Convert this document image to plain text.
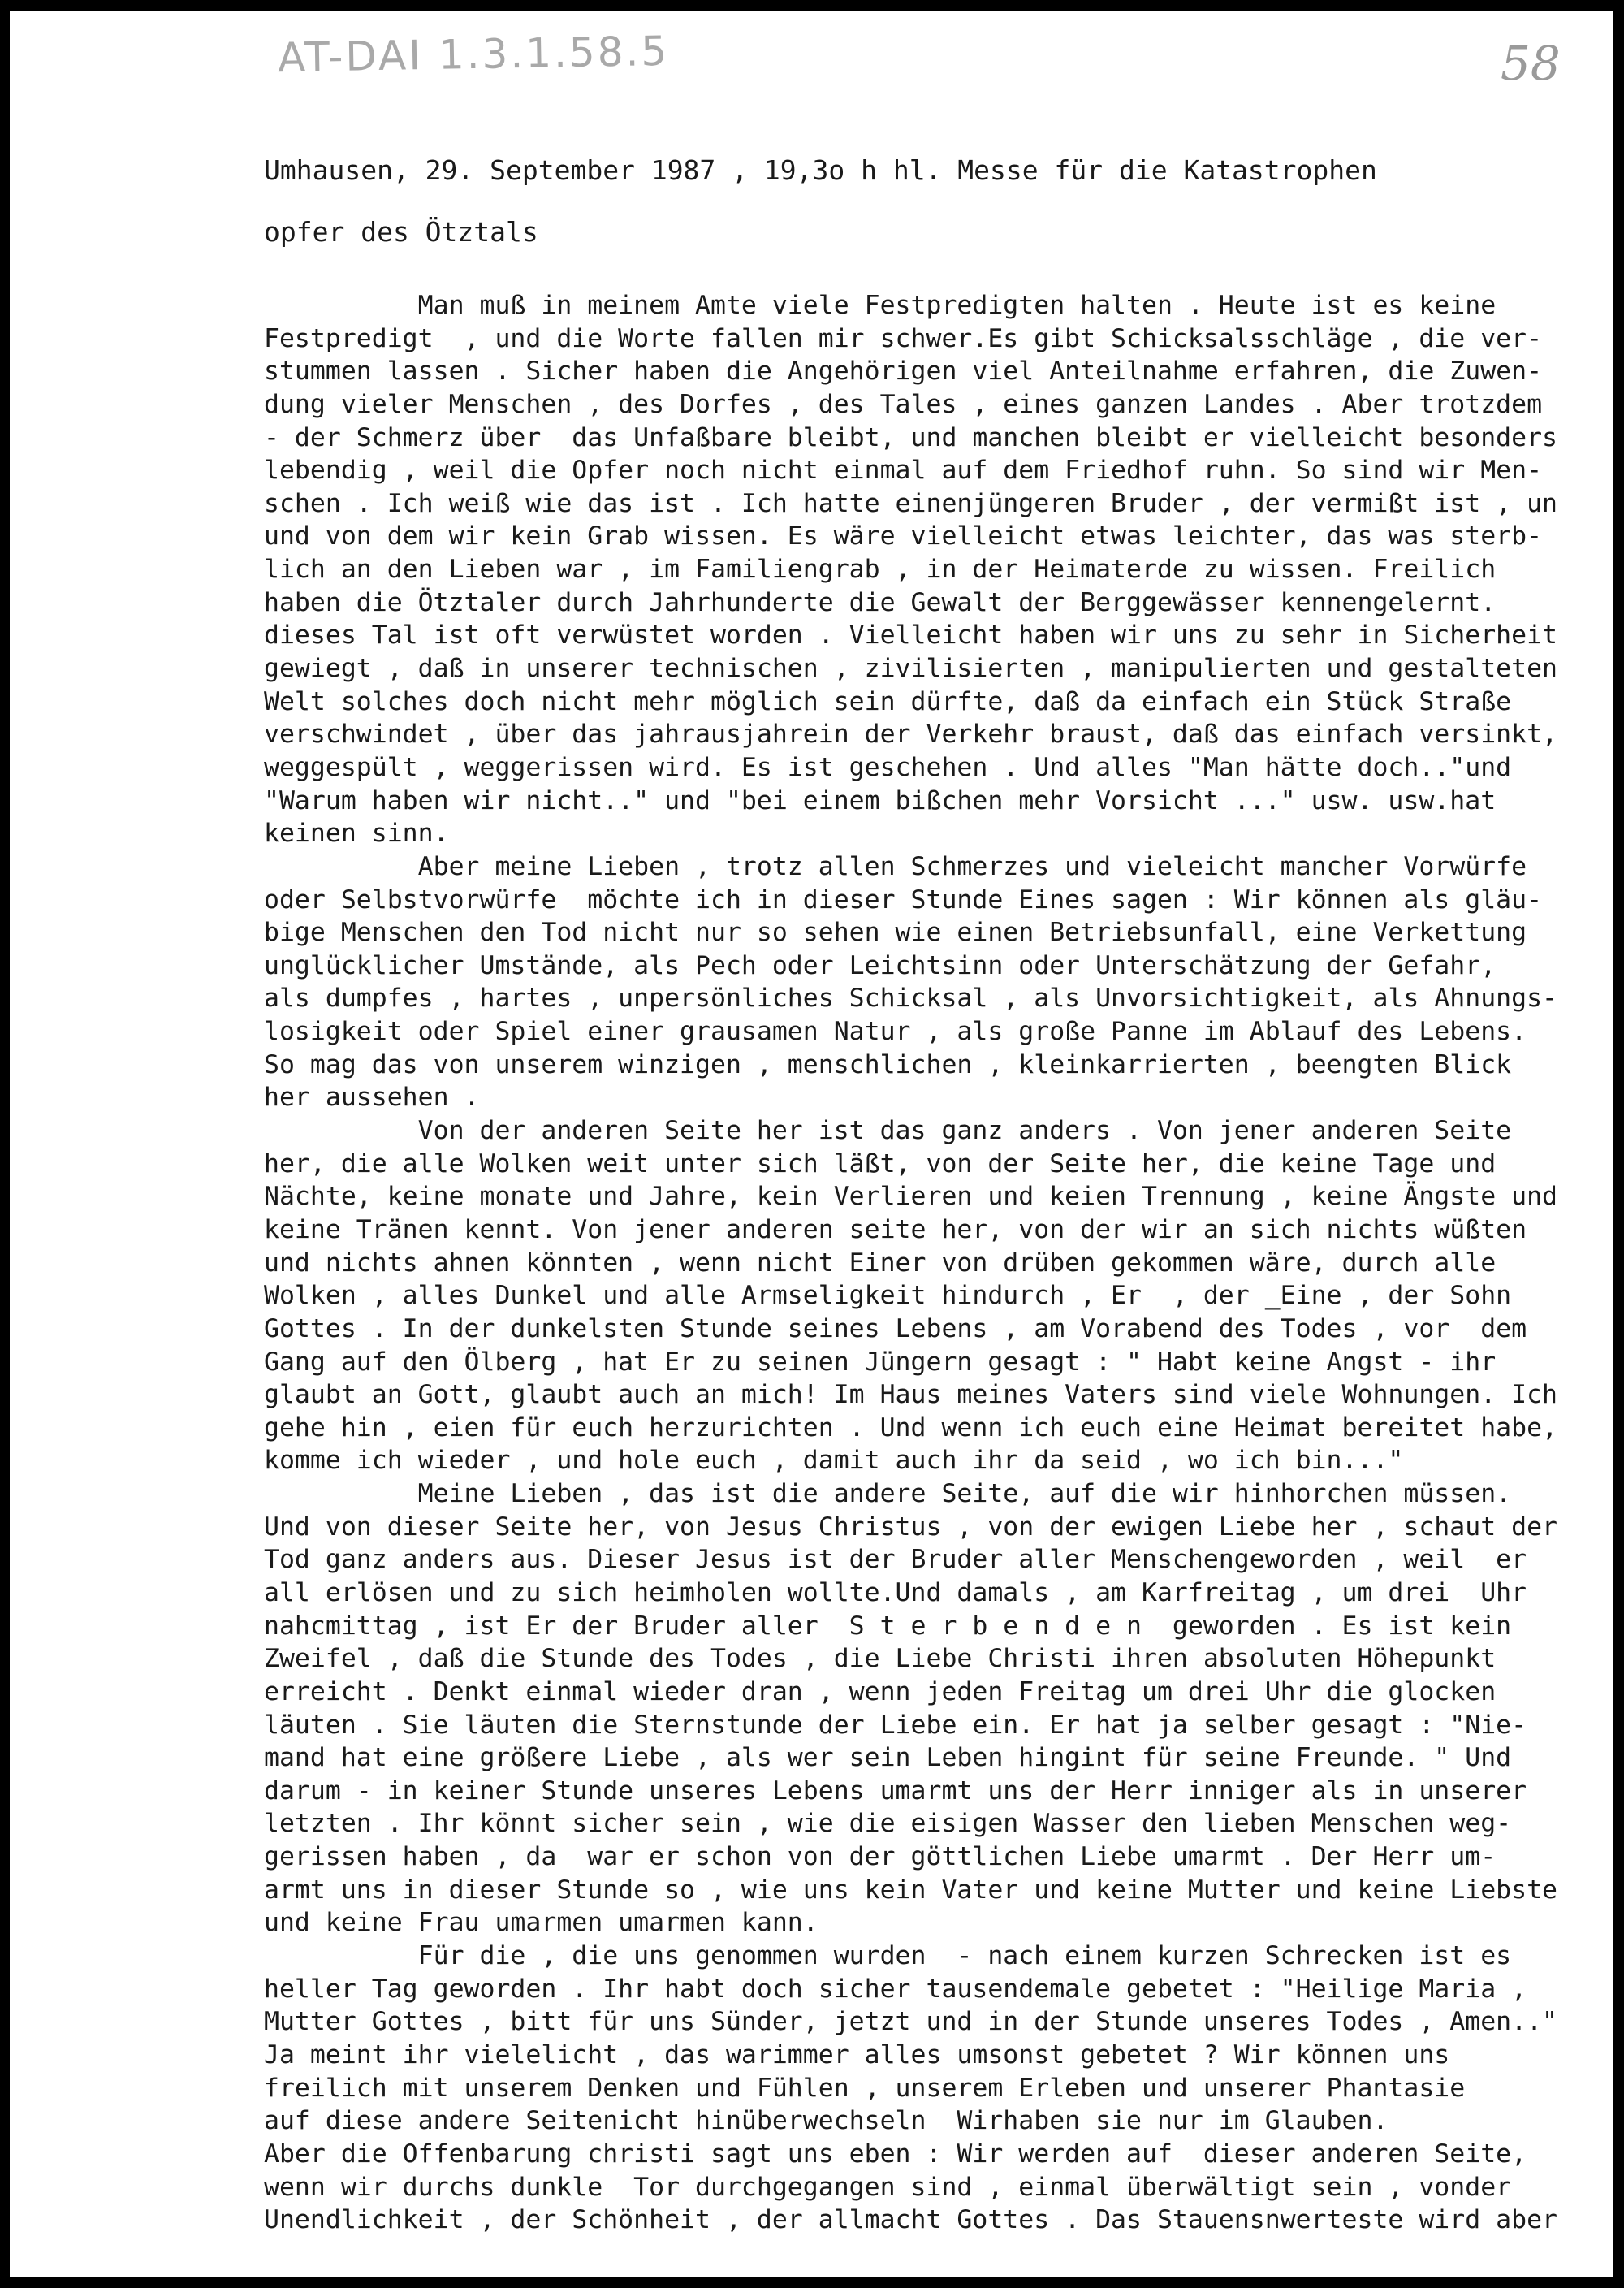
AT-DAI 1.3.1.58.5	58
Umhausen, 29. September 1987 , 19,3o h hl. Messe für die Katastrophen
opfer des Ötztals
Man muß in meinem Amte viele Festpredigten halten . Heute ist es keine
Festpredigt  , und die Worte fallen mir schwer.Es gibt Schicksalsschläge , die ver-
stummen lassen . Sicher haben die Angehörigen viel Anteilnahme erfahren, die Zuwen-
dung vieler Menschen , des Dorfes , des Tales , eines ganzen Landes . Aber trotzdem
- der Schmerz über  das Unfaßbare bleibt, und manchen bleibt er vielleicht besonders
lebendig , weil die Opfer noch nicht einmal auf dem Friedhof ruhn. So sind wir Men-
schen . Ich weiß wie das ist . Ich hatte einenjüngeren Bruder , der vermißt ist , un
und von dem wir kein Grab wissen. Es wäre vielleicht etwas leichter, das was sterb-
lich an den Lieben war , im Familiengrab , in der Heimaterde zu wissen. Freilich
haben die Ötztaler durch Jahrhunderte die Gewalt der Berggewässer kennengelernt.
dieses Tal ist oft verwüstet worden . Vielleicht haben wir uns zu sehr in Sicherheit
gewiegt , daß in unserer technischen , zivilisierten , manipulierten und gestalteten
Welt solches doch nicht mehr möglich sein dürfte, daß da einfach ein Stück Straße
verschwindet , über das jahrausjahrein der Verkehr braust, daß das einfach versinkt,
weggespült , weggerissen wird. Es ist geschehen . Und alles "Man hätte doch.."und
"Warum haben wir nicht.." und "bei einem bißchen mehr Vorsicht ..." usw. usw.hat
keinen sinn.
Aber meine Lieben , trotz allen Schmerzes und vieleicht mancher Vorwürfe
oder Selbstvorwürfe  möchte ich in dieser Stunde Eines sagen : Wir können als gläu-
bige Menschen den Tod nicht nur so sehen wie einen Betriebsunfall, eine Verkettung
unglücklicher Umstände, als Pech oder Leichtsinn oder Unterschätzung der Gefahr,
als dumpfes , hartes , unpersönliches Schicksal , als Unvorsichtigkeit, als Ahnungs-
losigkeit oder Spiel einer grausamen Natur , als große Panne im Ablauf des Lebens.
So mag das von unserem winzigen , menschlichen , kleinkarrierten , beengten Blick
her aussehen .
Von der anderen Seite her ist das ganz anders . Von jener anderen Seite
her, die alle Wolken weit unter sich läßt, von der Seite her, die keine Tage und
Nächte, keine monate und Jahre, kein Verlieren und keien Trennung , keine Ängste und
keine Tränen kennt. Von jener anderen seite her, von der wir an sich nichts wüßten
und nichts ahnen könnten , wenn nicht Einer von drüben gekommen wäre, durch alle
Wolken , alles Dunkel und alle Armseligkeit hindurch , Er  , der _Eine , der Sohn
Gottes . In der dunkelsten Stunde seines Lebens , am Vorabend des Todes , vor  dem
Gang auf den Ölberg , hat Er zu seinen Jüngern gesagt : " Habt keine Angst - ihr
glaubt an Gott, glaubt auch an mich! Im Haus meines Vaters sind viele Wohnungen. Ich
gehe hin , eien für euch herzurichten . Und wenn ich euch eine Heimat bereitet habe,
komme ich wieder , und hole euch , damit auch ihr da seid , wo ich bin..."
Meine Lieben , das ist die andere Seite, auf die wir hinhorchen müssen.
Und von dieser Seite her, von Jesus Christus , von der ewigen Liebe her , schaut der
Tod ganz anders aus. Dieser Jesus ist der Bruder aller Menschengeworden , weil  er
all erlösen und zu sich heimholen wollte.Und damals , am Karfreitag , um drei  Uhr
nahcmittag , ist Er der Bruder aller  S t e r b e n d e n  geworden . Es ist kein
Zweifel , daß die Stunde des Todes , die Liebe Christi ihren absoluten Höhepunkt
erreicht . Denkt einmal wieder dran , wenn jeden Freitag um drei Uhr die glocken
läuten . Sie läuten die Sternstunde der Liebe ein. Er hat ja selber gesagt : "Nie-
mand hat eine größere Liebe , als wer sein Leben hingint für seine Freunde. " Und
darum - in keiner Stunde unseres Lebens umarmt uns der Herr inniger als in unserer
letzten . Ihr könnt sicher sein , wie die eisigen Wasser den lieben Menschen weg-
gerissen haben , da  war er schon von der göttlichen Liebe umarmt . Der Herr um-
armt uns in dieser Stunde so , wie uns kein Vater und keine Mutter und keine Liebste
und keine Frau umarmen umarmen kann.
Für die , die uns genommen wurden  - nach einem kurzen Schrecken ist es
heller Tag geworden . Ihr habt doch sicher tausendemale gebetet : "Heilige Maria ,
Mutter Gottes , bitt für uns Sünder, jetzt und in der Stunde unseres Todes , Amen.."
Ja meint ihr vielelicht , das warimmer alles umsonst gebetet ? Wir können uns
freilich mit unserem Denken und Fühlen , unserem Erleben und unserer Phantasie
auf diese andere Seitenicht hinüberwechseln  Wirhaben sie nur im Glauben.
Aber die Offenbarung christi sagt uns eben : Wir werden auf  dieser anderen Seite,
wenn wir durchs dunkle  Tor durchgegangen sind , einmal überwältigt sein , vonder
Unendlichkeit , der Schönheit , der allmacht Gottes . Das Stauensnwerteste wird aber
